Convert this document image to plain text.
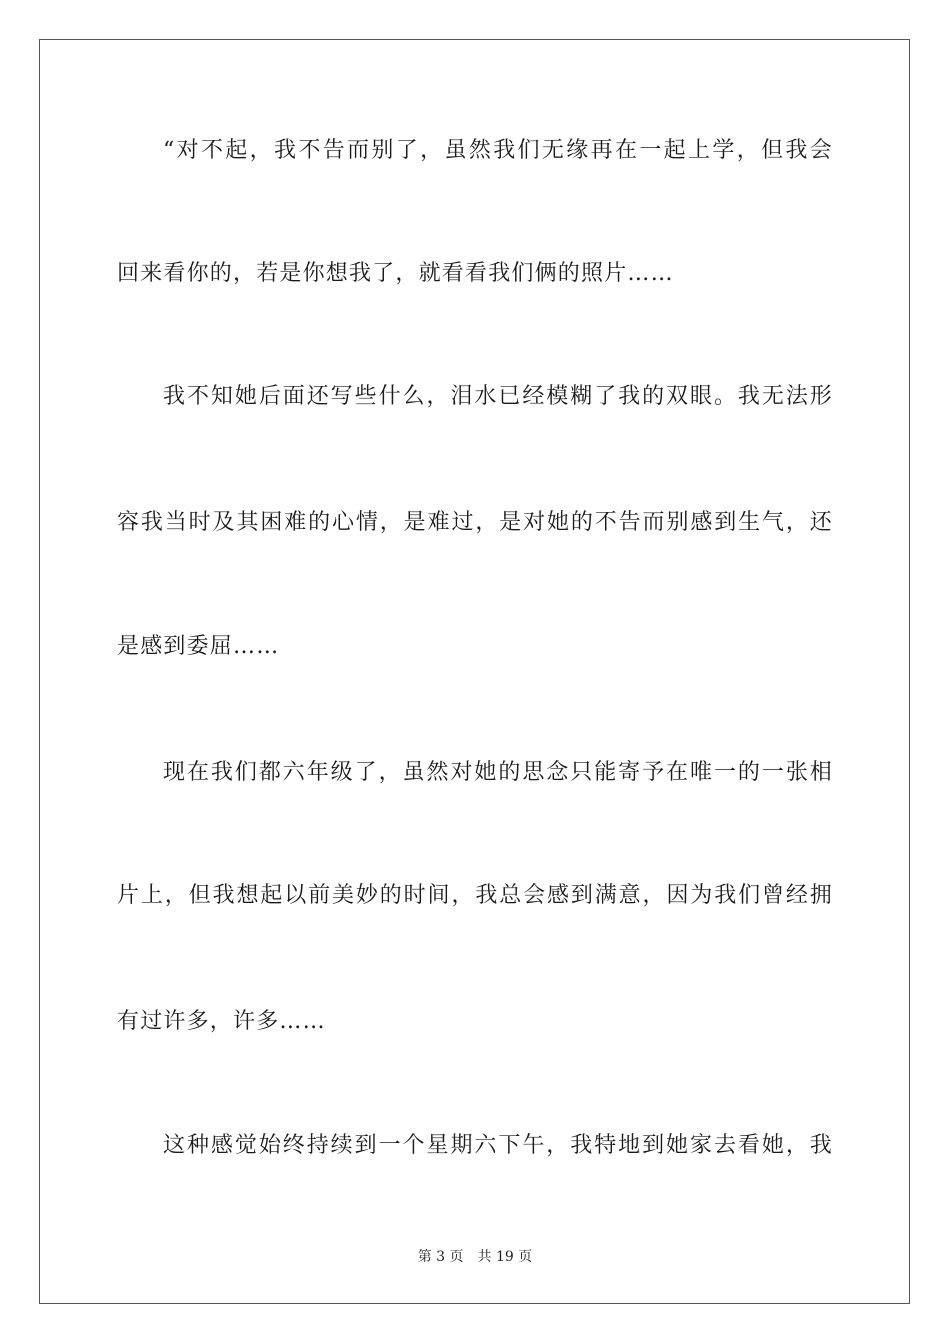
“对不起，我不告而别了，虽然我们无缘再在一起上学，但我会
回来看你的，若是你想我了，就看看我们俩的照片……
我不知她后面还写些什么，泪水已经模糊了我的双眼。我无法形
容我当时及其困难的心情，是难过，是对她的不告而别感到生气，还
是感到委屈……
现在我们都六年级了，虽然对她的思念只能寄予在唯一的一张相
片上，但我想起以前美妙的时间，我总会感到满意，因为我们曾经拥
有过许多，许多……
这种感觉始终持续到一个星期六下午，我特地到她家去看她，我
第 3 页 共 19 页
